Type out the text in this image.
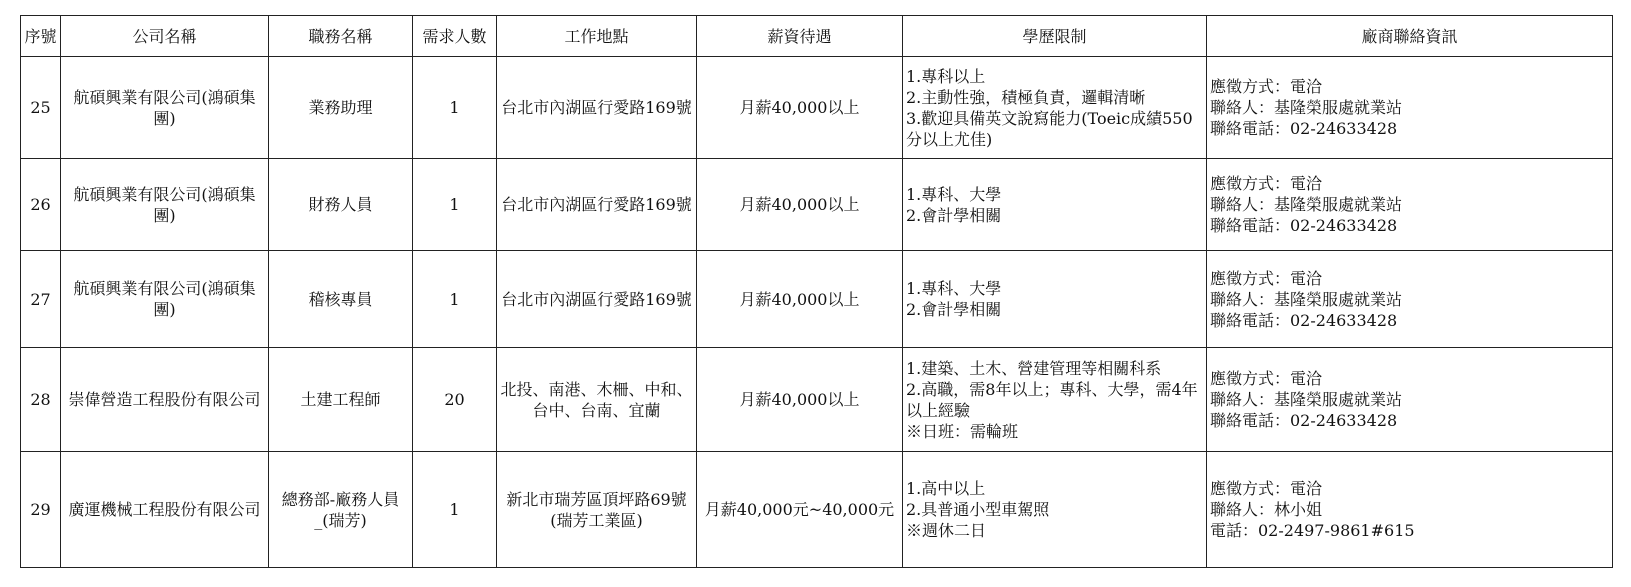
序號	公司名稱	職務名稱	需求人數	工作地點	薪資待遇	學歷限制	廠商聯絡資訊
25	航碩興業有限公司(鴻碩集團)	業務助理	1	台北市內湖區行愛路169號	月薪40,000以上	1.專科以上
2.主動性強，積極負責，邏輯清晰
3.歡迎具備英文說寫能力(Toeic成績550分以上尤佳)	應徵方式：電洽
聯絡人：基隆榮服處就業站
聯絡電話：02-24633428

26	航碩興業有限公司(鴻碩集團)	財務人員	1	台北市內湖區行愛路169號	月薪40,000以上	1.專科、大學
2.會計學相關	應徵方式：電洽
聯絡人：基隆榮服處就業站
聯絡電話：02-24633428

27	航碩興業有限公司(鴻碩集團)	稽核專員	1	台北市內湖區行愛路169號	月薪40,000以上	1.專科、大學
2.會計學相關	應徵方式：電洽
聯絡人：基隆榮服處就業站
聯絡電話：02-24633428

28	崇偉營造工程股份有限公司	土建工程師	20	北投、南港、木柵、中和、台中、台南、宜蘭	月薪40,000以上	1.建築、土木、營建管理等相關科系
2.高職，需8年以上；專科、大學，需4年以上經驗
※日班：需輪班	應徵方式：電洽
聯絡人：基隆榮服處就業站
聯絡電話：02-24633428

29	廣運機械工程股份有限公司	總務部-廠務人員_(瑞芳)	1	新北市瑞芳區頂坪路69號(瑞芳工業區)	月薪40,000元~40,000元	1.高中以上
2.具普通小型車駕照
※週休二日	應徵方式：電洽
聯絡人：林小姐
電話：02-2497-9861#615
